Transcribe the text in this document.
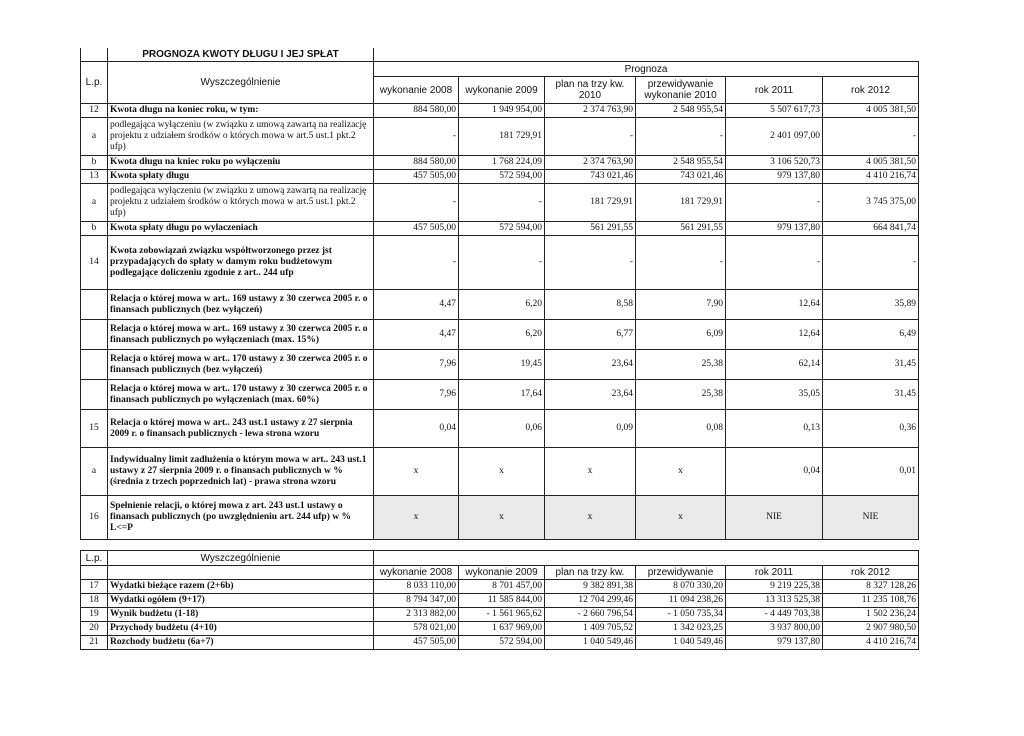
	PROGNOZA KWOTY DŁUGU I JEJ SPŁAT						
L.p.	Wyszczególnienie	Prognoza					
		wykonanie 2008	wykonanie 2009	plan na trzy kw. 2010	przewidywanie wykonanie 2010	rok 2011	rok 2012
12	Kwota długu na koniec roku, w tym:	884 580,00	1 949 954,00	2 374 763,90	2 548 955,54	5 507 617,73	4 005 381,50
a	podlegająca wyłączeniu (w związku z umową zawartą na realizację projektu z udziałem środków o których mowa w art.5 ust.1 pkt.2 ufp)	-	181 729,91	-	-	2 401 097,00	-
b	Kwota długu na kniec roku po wyłączeniu	884 580,00	1 768 224,09	2 374 763,90	2 548 955,54	3 106 520,73	4 005 381,50
13	Kwota spłaty długu	457 505,00	572 594,00	743 021,46	743 021,46	979 137,80	4 410 216,74
a	podlegająca wyłączeniu (w związku z umową zawartą na realizację projektu z udziałem środków o których mowa w art.5 ust.1 pkt.2 ufp)	-	-	181 729,91	181 729,91	-	3 745 375,00
b	Kwota spłaty długu po wylaczeniach	457 505,00	572 594,00	561 291,55	561 291,55	979 137,80	664 841,74
14	Kwota zobowiązań związku współtworzonego przez jst przypadających do spłaty w damym roku budżetowym podlegające doliczeniu zgodnie z art.. 244 ufp	-	-	-	-	-	-
	Relacja o której mowa w art.. 169 ustawy z 30 czerwca 2005 r. o finansach publicznych (bez wyłączeń)	4,47	6,20	8,58	7,90	12,64	35,89
	Relacja o której mowa w art.. 169 ustawy z 30 czerwca 2005 r. o finansach publicznych po wyłączeniach (max. 15%)	4,47	6,20	6,77	6,09	12,64	6,49
	Relacja o której mowa w art.. 170 ustawy z 30 czerwca 2005 r. o finansach publicznych (bez wyłączeń)	7,96	19,45	23,64	25,38	62,14	31,45
	Relacja o której mowa w art.. 170 ustawy z 30 czerwca 2005 r. o finansach publicznych po wyłączeniach (max. 60%)	7,96	17,64	23,64	25,38	35,05	31,45
15	Relacja o której mowa w art.. 243 ust.1 ustawy z 27 sierpnia 2009 r. o finansach publicznych - lewa strona wzoru	0,04	0,06	0,09	0,08	0,13	0,36
a	Indywidualny limit zadlużenia o którym mowa w art.. 243 ust.1 ustawy z 27 sierpnia 2009 r. o finansach publicznych w % (średnia z trzech poprzednich lat) - prawa strona wzoru	x	x	x	x	0,04	0,01
16	Spełnienie relacji, o której mowa z art. 243 ust.1 ustawy o finansach publicznych (po uwzględnieniu art. 244 ufp) w % L<=P	x	x	x	x	NIE	NIE
L.p.	Wyszczególnienie						
		wykonanie 2008	wykonanie 2009	plan na trzy kw.	przewidywanie	rok 2011	rok 2012
17	Wydatki bieżące razem (2+6b)	8 033 110,00	8 701 457,00	9 382 891,38	8 070 330,20	9 219 225,38	8 327 128,26
18	Wydatki ogółem (9+17)	8 794 347,00	11 585 844,00	12 704 299,46	11 094 238,26	13 313 525,38	11 235 108,76
19	Wynik budżetu (1-18)	2 313 882,00	- 1 561 965,62	- 2 660 796,54	- 1 050 735,34	- 4 449 703,38	1 502 236,24
20	Przychody budżetu (4+10)	578 021,00	1 637 969,00	1 409 705,52	1 342 023,25	3 937 800,00	2 907 980,50
21	Rozchody budżetu (6a+7)	457 505,00	572 594,00	1 040 549,46	1 040 549,46	979 137,80	4 410 216,74
